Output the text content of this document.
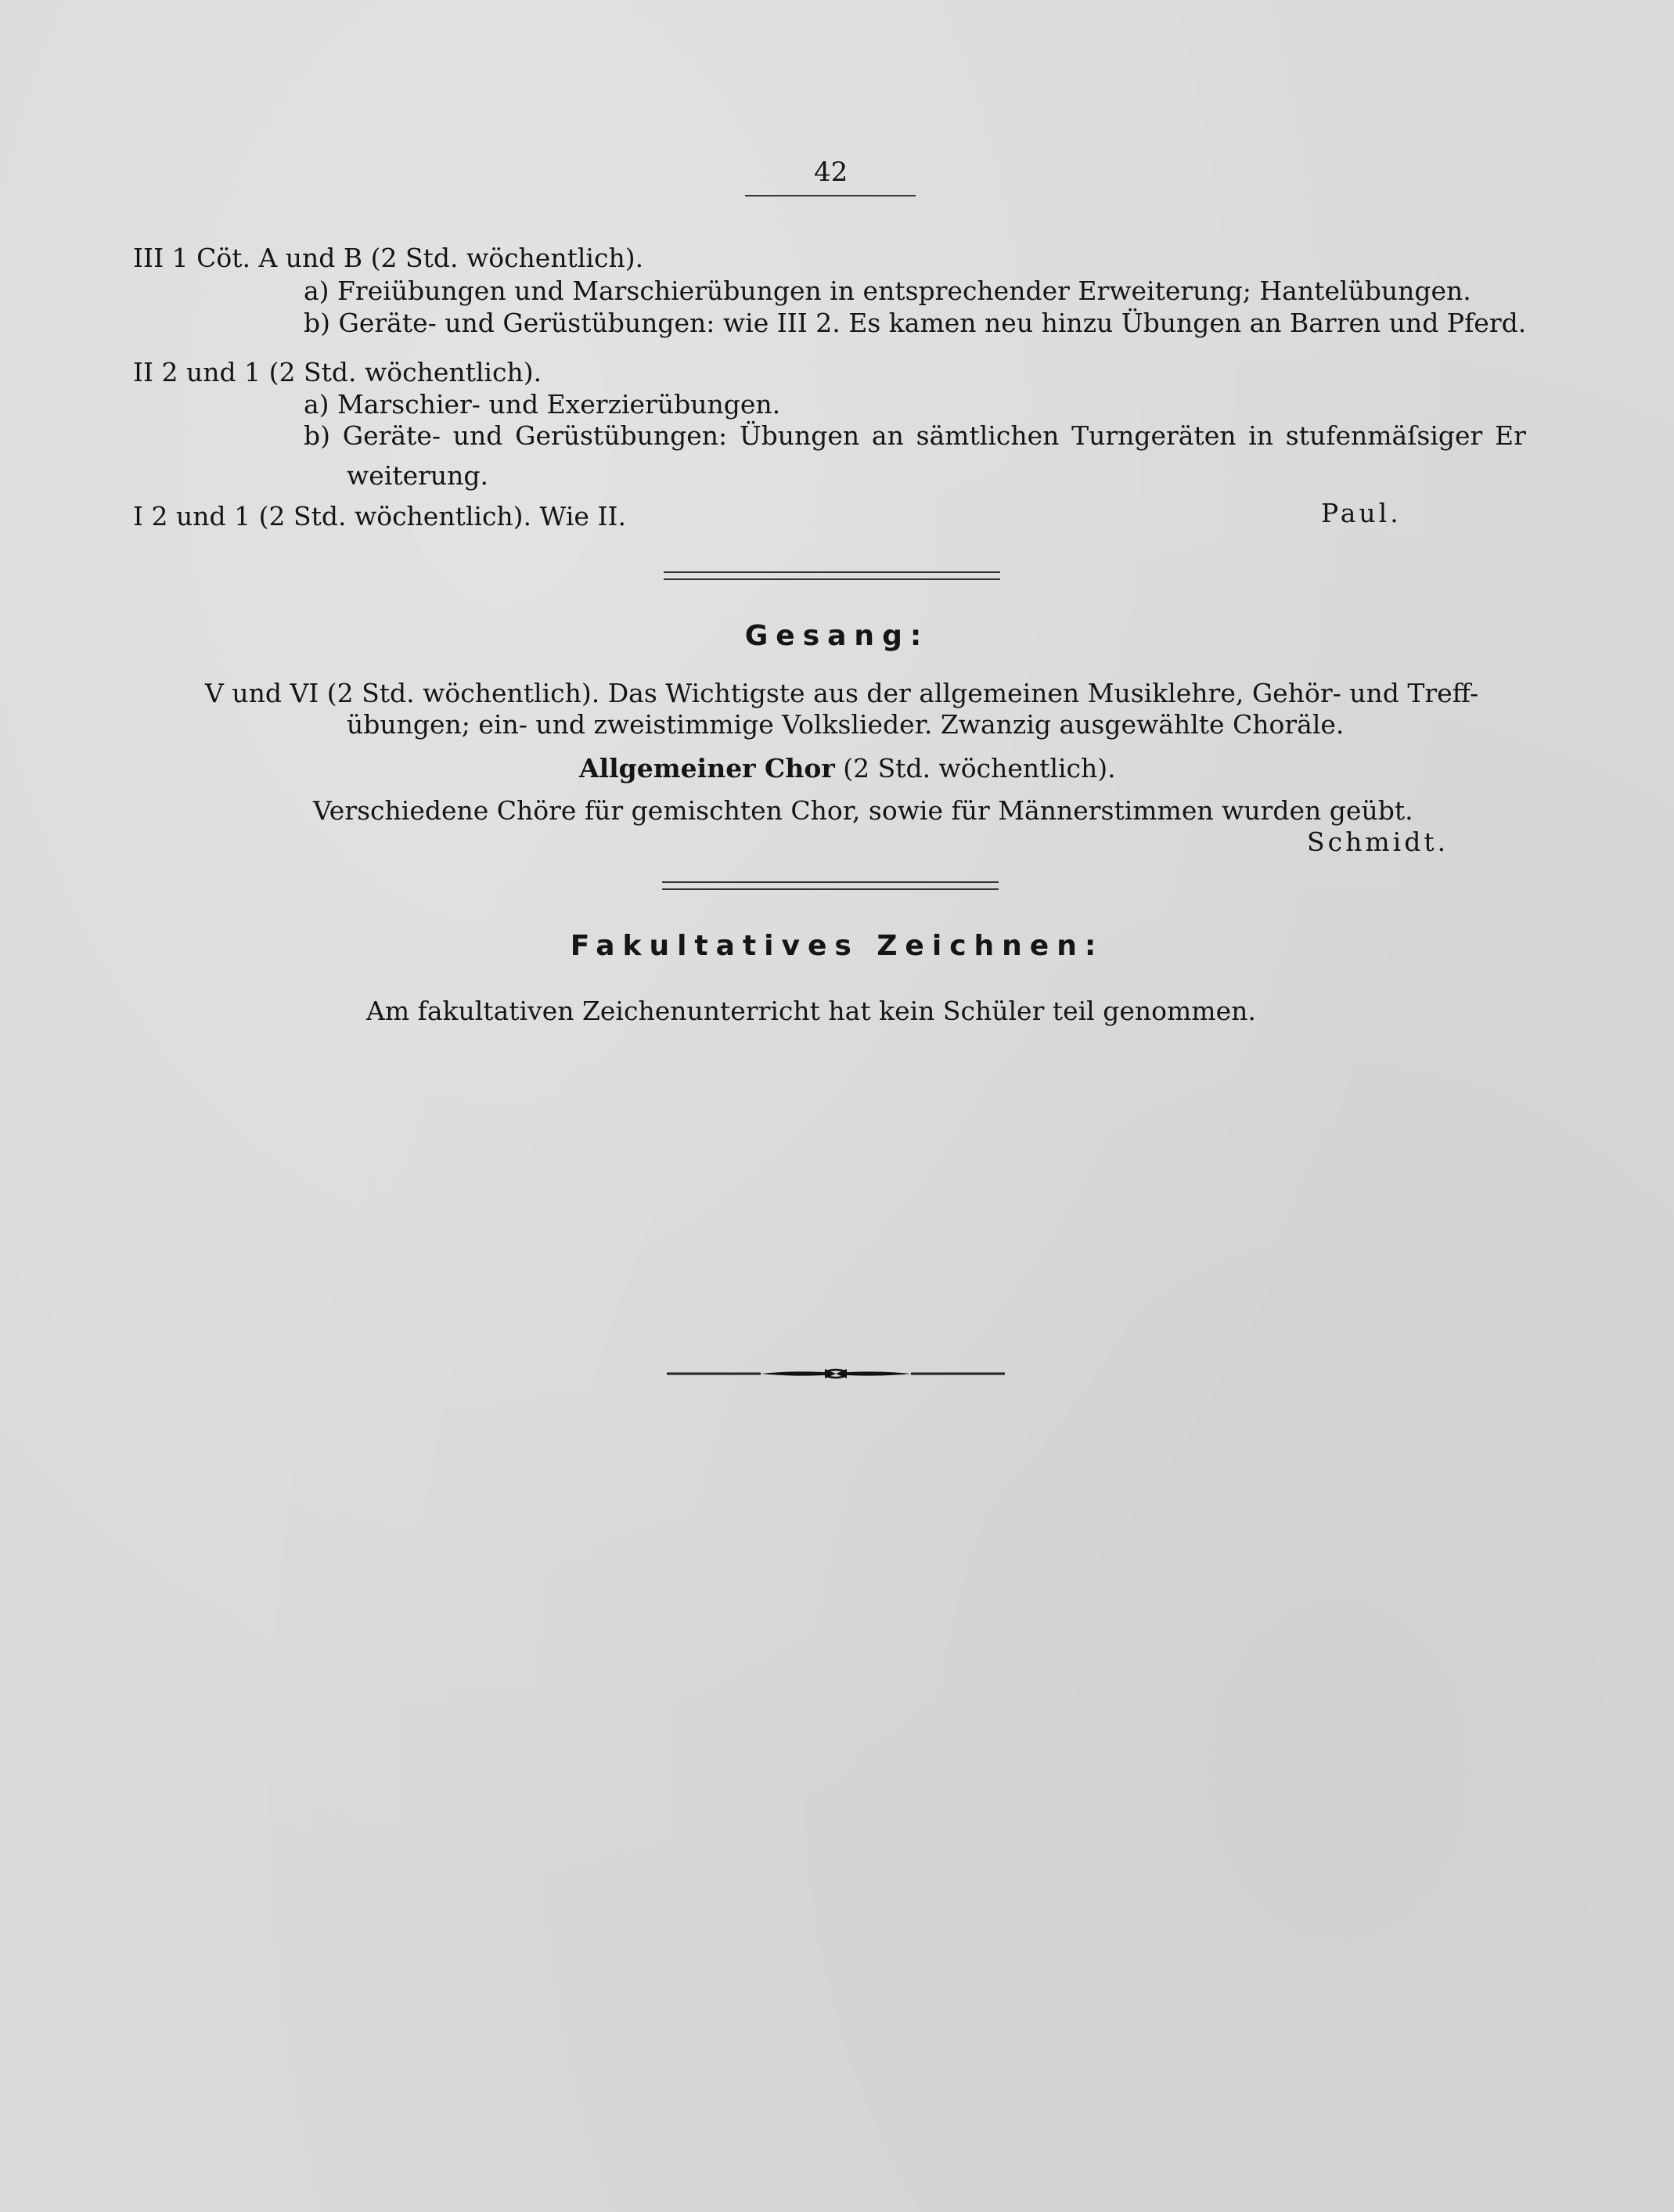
42
III 1 Cöt. A und B (2 Std. wöchentlich).
a) Freiübungen und Marschierübungen in entsprechender Erweiterung; Hantelübungen.
b) Geräte- und Gerüstübungen: wie III 2. Es kamen neu hinzu Übungen an Barren und Pferd.
II 2 und 1 (2 Std. wöchentlich).
a) Marschier- und Exerzierübungen.
b) Geräte- und Gerüstübungen: Übungen an sämtlichen Turngeräten in stufenmäſsiger Er
weiterung.
I 2 und 1 (2 Std. wöchentlich). Wie II.	Paul.
Gesang:
V und VI (2 Std. wöchentlich). Das Wichtigste aus der allgemeinen Musiklehre, Gehör- und Treff-
übungen; ein- und zweistimmige Volkslieder. Zwanzig ausgewählte Choräle.
Allgemeiner Chor (2 Std. wöchentlich).
Verschiedene Chöre für gemischten Chor, sowie für Männerstimmen wurden geübt.
Schmidt.
Fakultatives Zeichnen:
Am fakultativen Zeichenunterricht hat kein Schüler teil genommen.
